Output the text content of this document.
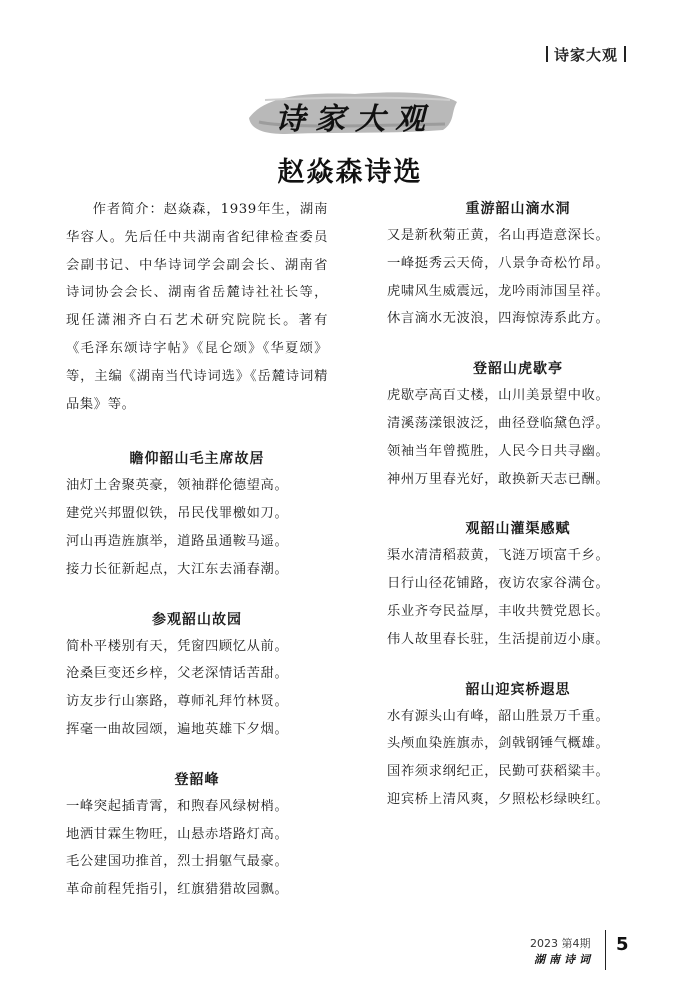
诗家大观
诗家大观
赵焱森诗选

作者简介：赵焱森，1939年生，湖南华容人。先后任中共湖南省纪律检查委员会副书记、中华诗词学会副会长、湖南省诗词协会会长、湖南省岳麓诗社社长等，现任潇湘齐白石艺术研究院院长。著有《毛泽东颂诗字帖》《昆仑颂》《华夏颂》等，主编《湖南当代诗词选》《岳麓诗词精品集》等。

瞻仰韶山毛主席故居
油灯土舍聚英豪，领袖群伦德望高。
建党兴邦盟似铁，吊民伐罪檄如刀。
河山再造旌旗举，道路虽通鞍马遥。
接力长征新起点，大江东去涌春潮。
参观韶山故园
简朴平楼别有天，凭窗四顾忆从前。
沧桑巨变还乡梓，父老深情话苦甜。
访友步行山寨路，尊师礼拜竹林贤。
挥毫一曲故园颂，遍地英雄下夕烟。
登韶峰
一峰突起插青霄，和煦春风绿树梢。
地洒甘霖生物旺，山悬赤塔路灯高。
毛公建国功推首，烈士捐躯气最豪。
革命前程凭指引，红旗猎猎故园飘。
重游韶山滴水洞
又是新秋菊正黄，名山再造意深长。
一峰挺秀云天倚，八景争奇松竹昂。
虎啸风生威震远，龙吟雨沛国呈祥。
休言滴水无波浪，四海惊涛系此方。
登韶山虎歇亭
虎歇亭高百丈楼，山川美景望中收。
清溪荡漾银波泛，曲径登临黛色浮。
领袖当年曾揽胜，人民今日共寻幽。
神州万里春光好，敢换新天志已酬。
观韶山灌渠感赋
渠水清清稻菽黄，飞涟万顷富千乡。
日行山径花铺路，夜访农家谷满仓。
乐业齐夸民益厚，丰收共赞党恩长。
伟人故里春长驻，生活提前迈小康。
韶山迎宾桥遐思
水有源头山有峰，韶山胜景万千重。
头颅血染旌旗赤，剑戟钢锤气概雄。
国祚须求纲纪正，民勤可获稻粱丰。
迎宾桥上清风爽，夕照松杉绿映红。
2023 第4期
湖南诗词
5
